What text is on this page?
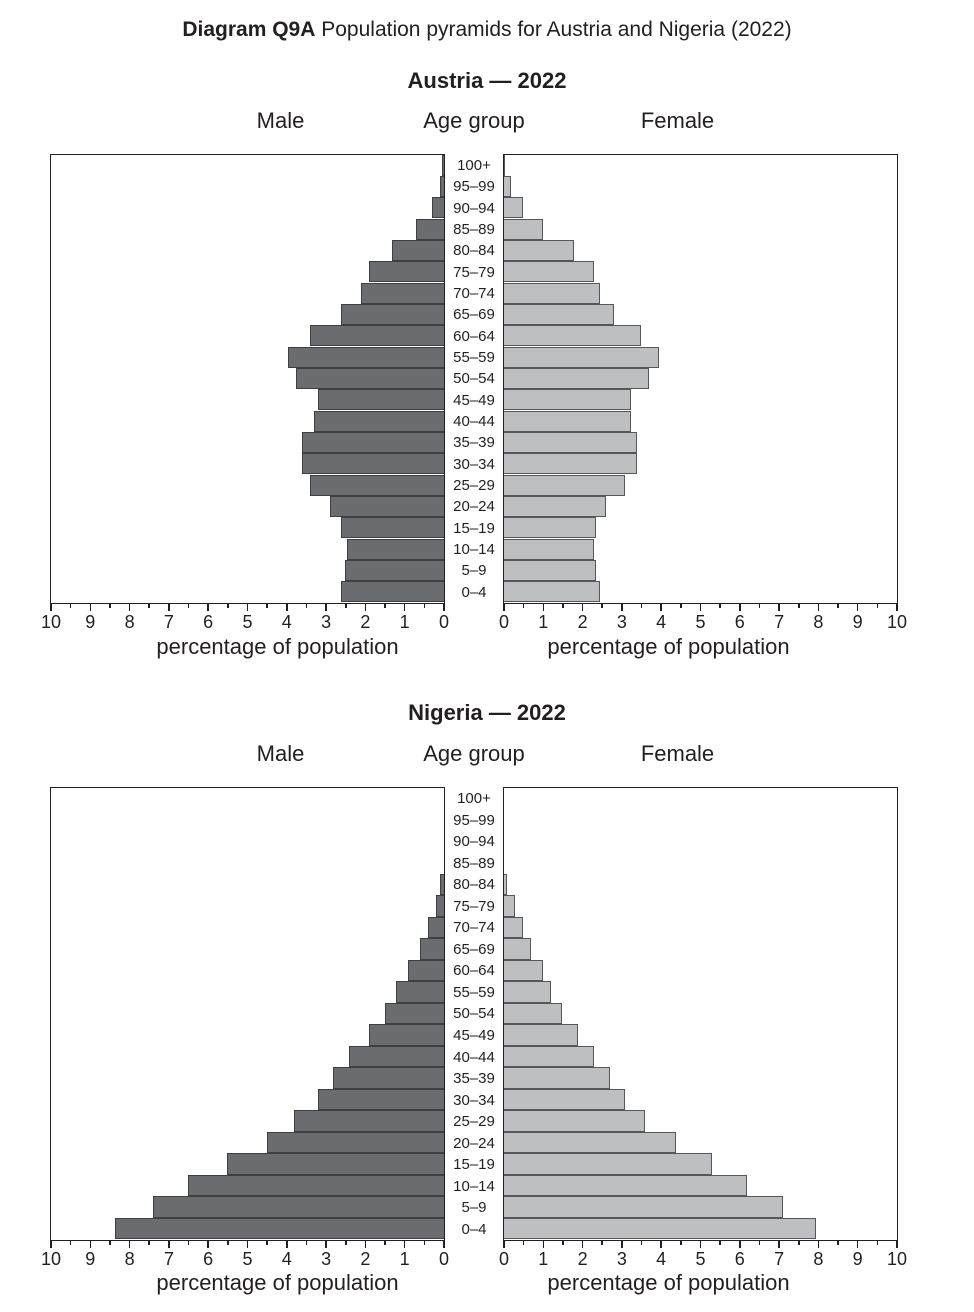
Diagram Q9A Population pyramids for Austria and Nigeria (2022)
Austria — 2022
Male	Age group	Female
100+
95–99
90–94
85–89
80–84
75–79
70–74
65–69
60–64
55–59
50–54
45–49
40–44
35–39
30–34
25–29
20–24
15–19
10–14
5–9
0–4
0
1
2
3
4
5
6
7
8
9
10	0 1 2 3 4 5 6 7 8 9 10
percentage of population	percentage of population
Nigeria — 2022
Male	Age group	Female
100+
95–99
90–94
85–89
80–84
75–79
70–74
65–69
60–64
55–59
50–54
45–49
40–44
35–39
30–34
25–29
20–24
15–19
10–14
5–9
0–4
0
1
2
3
4
5
6
7
8
9
10	0 1 2 3 4 5 6 7 8 9 10
percentage of population	percentage of population
